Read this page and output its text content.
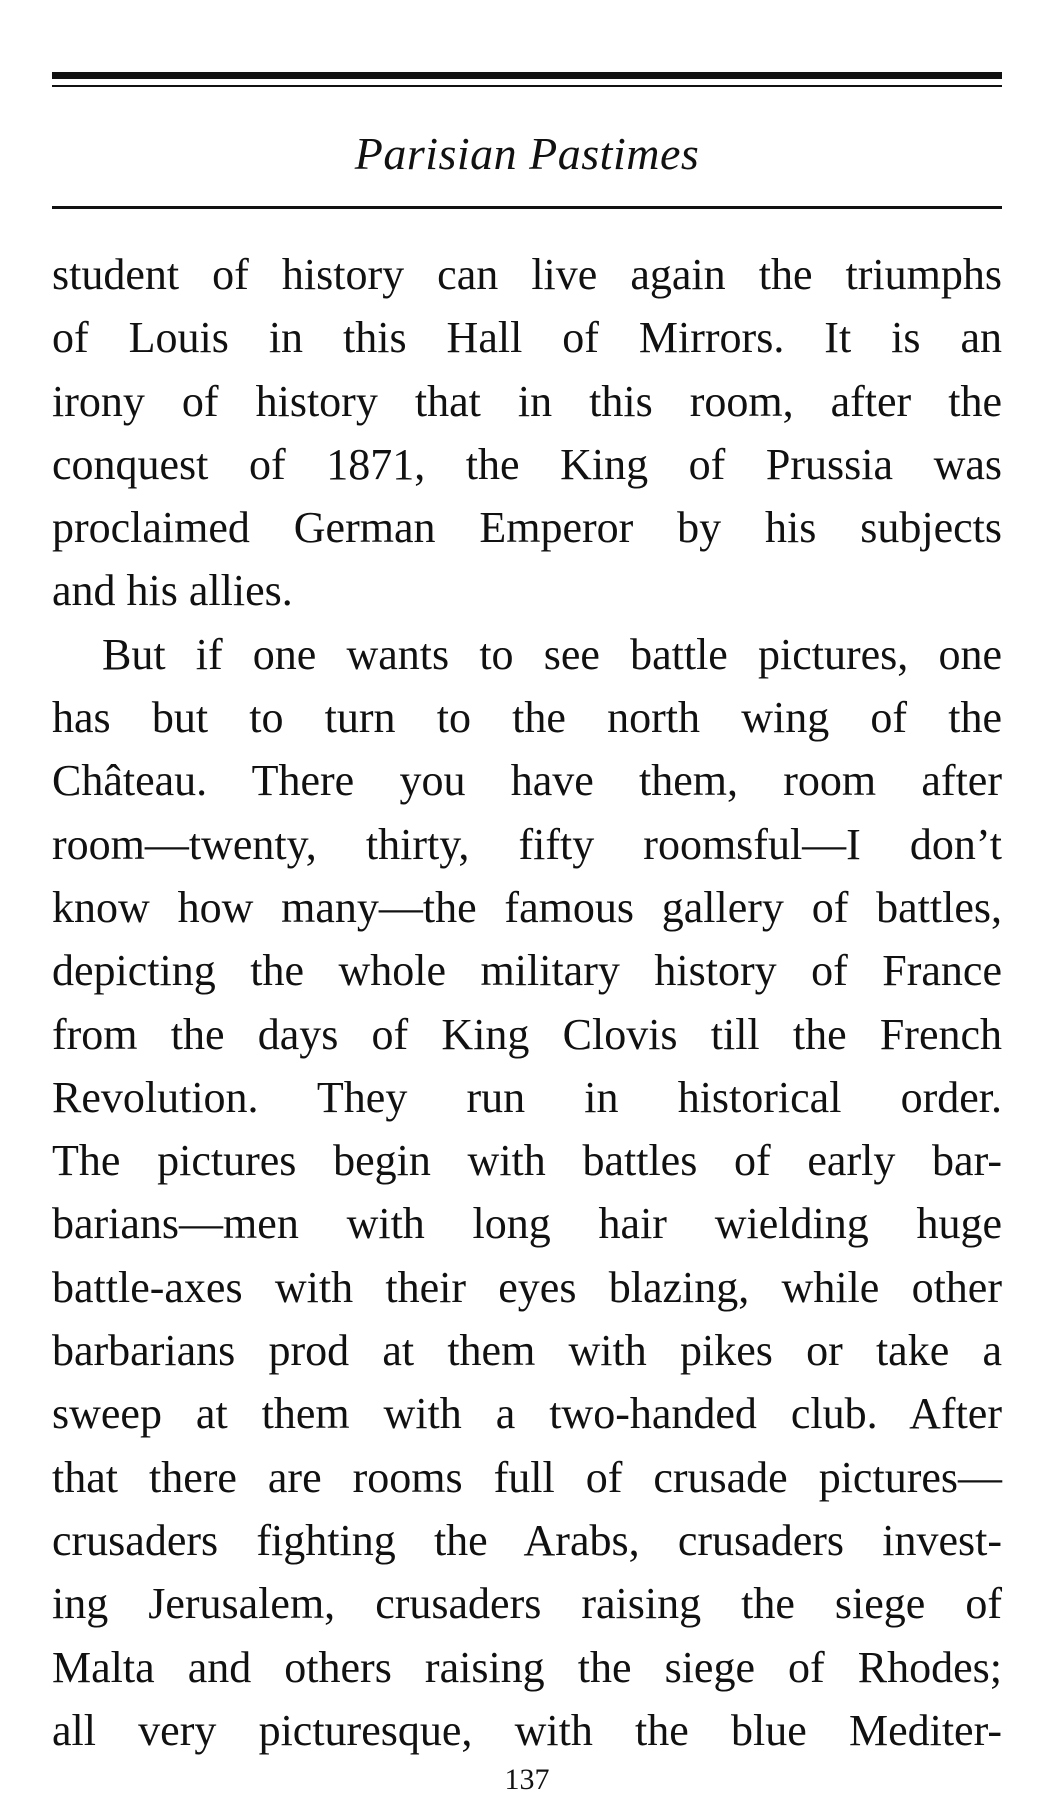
Parisian Pastimes
student of history can live again the triumphs
of Louis in this Hall of Mirrors. It is an
irony of history that in this room, after the
conquest of 1871, the King of Prussia was
proclaimed German Emperor by his subjects
and his allies.
But if one wants to see battle pictures, one
has but to turn to the north wing of the
Château. There you have them, room after
room—twenty, thirty, fifty roomsful—I don’t
know how many—the famous gallery of battles,
depicting the whole military history of France
from the days of King Clovis till the French
Revolution. They run in historical order.
The pictures begin with battles of early bar-
barians—men with long hair wielding huge
battle-axes with their eyes blazing, while other
barbarians prod at them with pikes or take a
sweep at them with a two-handed club. After
that there are rooms full of crusade pictures—
crusaders fighting the Arabs, crusaders invest-
ing Jerusalem, crusaders raising the siege of
Malta and others raising the siege of Rhodes;
all very picturesque, with the blue Mediter-
137
